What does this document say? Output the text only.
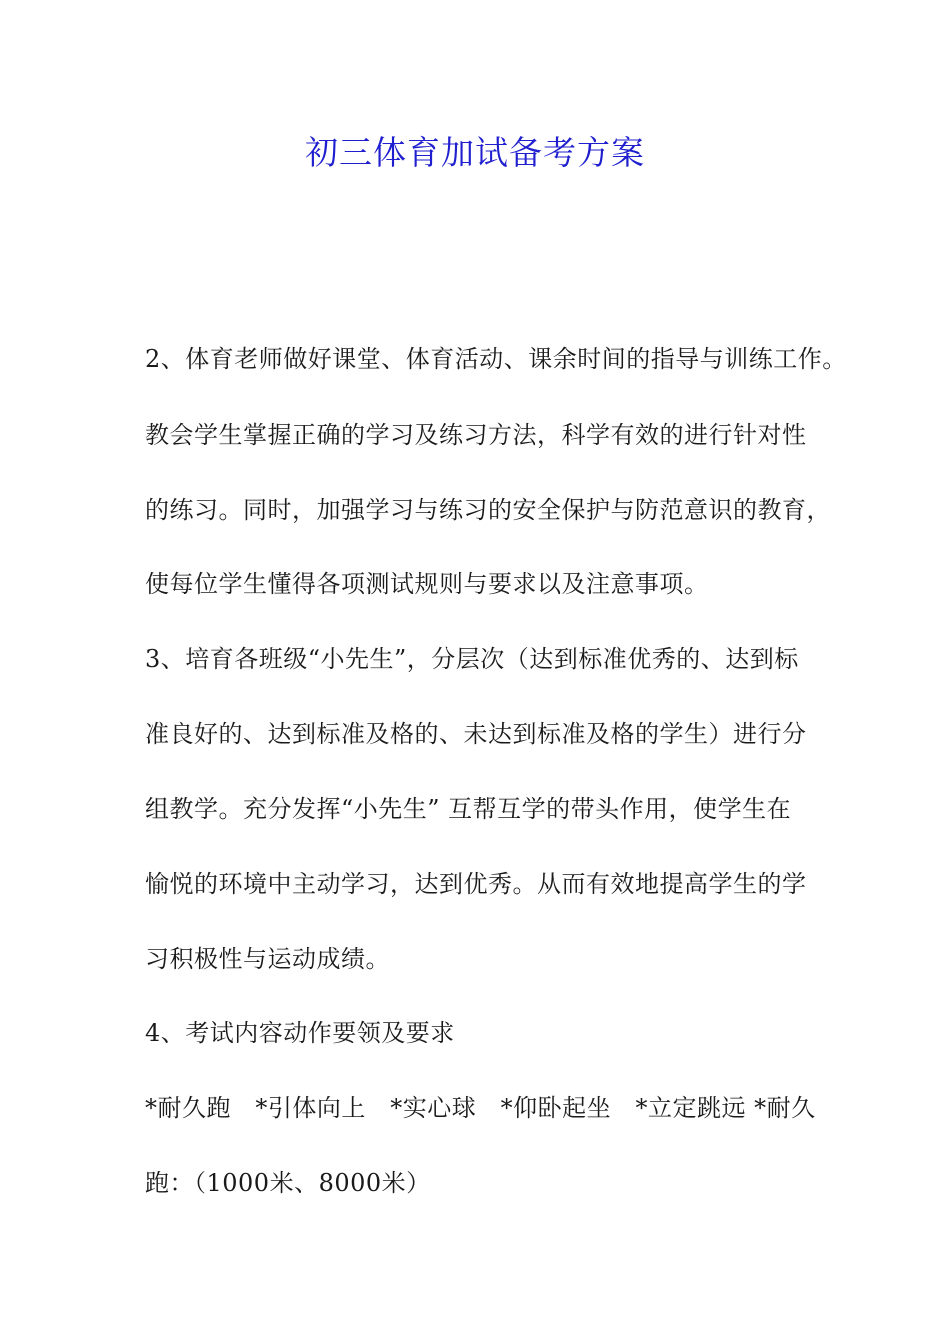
初三体育加试备考方案
2、体育老师做好课堂、体育活动、课余时间的指导与训练工作。
教会学生掌握正确的学习及练习方法，科学有效的进行针对性
的练习。同时，加强学习与练习的安全保护与防范意识的教育，
使每位学生懂得各项测试规则与要求以及注意事项。
3、培育各班级“小先生”，分层次（达到标准优秀的、达到标
准良好的、达到标准及格的、未达到标准及格的学生）进行分
组教学。充分发挥“小先生” 互帮互学的带头作用，使学生在
愉悦的环境中主动学习，达到优秀。从而有效地提高学生的学
习积极性与运动成绩。
4、考试内容动作要领及要求
*耐久跑   *引体向上   *实心球   *仰卧起坐   *立定跳远 *耐久
跑：（1000米、8000米）
